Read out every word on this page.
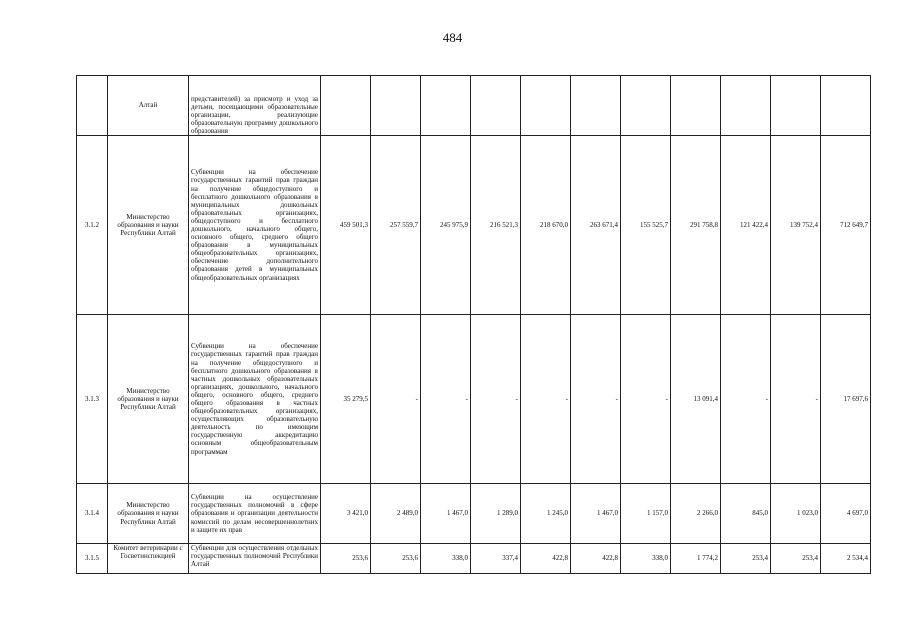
484
	Алтай	представителей) за присмотр и уход за детьми, посещающими образовательные организации, реализующие образовательную программу дошкольного образования											
3.1.2	Министерство образования и науки Республики Алтай	Субвенции на обеспечение государственных гарантий прав граждан на получение общедоступного и бесплатного дошкольного образования в муниципальных дошкольных образовательных организациях, общедоступного и бесплатного дошкольного, начального общего, основного общего, среднего общего образования в муниципальных общеобразовательных организациях, обеспечение дополнительного образования детей в муниципальных общеобразовательных организациях	459 501,3	257 559,7	245 975,9	216 521,3	218 670,0	263 671,4	155 525,7	291 758,8	121 422,4	139 752,4	712 649,7
3.1.3	Министерство образования и науки Республики Алтай	Субвенции на обеспечение государственных гарантий прав граждан на получение общедоступного и бесплатного дошкольного образования в частных дошкольных образовательных организациях, дошкольного, начального общего, основного общего, среднего общего образования в частных общеобразовательных организациях, осуществляющих образовательную деятельность по имеющим государственную аккредитацию основным общеобразовательным программам	35 279,5	-	-	-	-	-	-	13 091,4	-	-	17 697,6
3.1.4	Министерство образования и науки Республики Алтай	Субвенции на осуществление государственных полномочий в сфере образования и организации деятельности комиссий по делам несовершеннолетних и защите их прав	3 421,0	2 489,0	1 467,0	1 289,0	1 245,0	1 467,0	1 157,0	2 266,0	845,0	1 023,0	4 697,0
3.1.5	Комитет ветеринарии с Госветинспекцией	Субвенции для осуществления отдельных государственных полномочий Республики Алтай	253,6	253,6	338,0	337,4	422,8	422,8	338,0	1 774,2	253,4	253,4	2 534,4
